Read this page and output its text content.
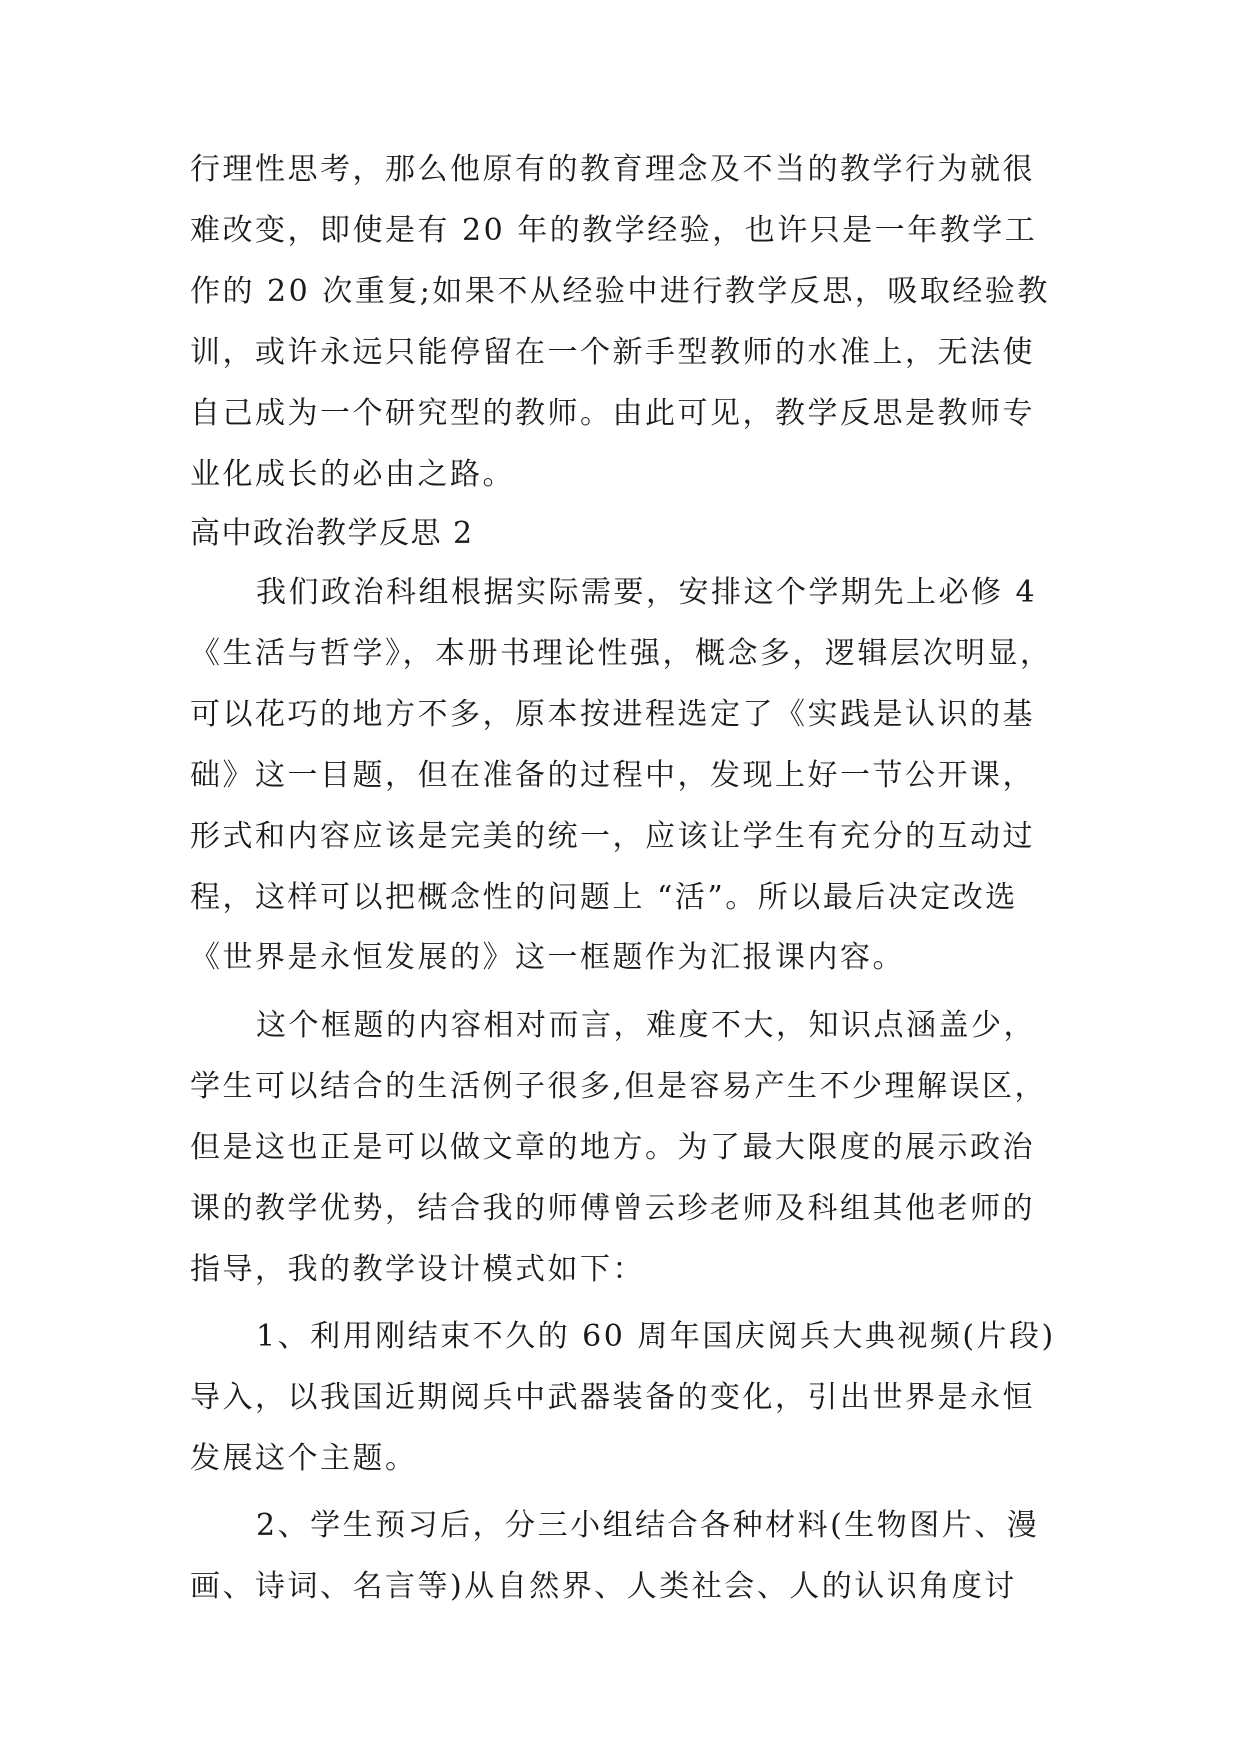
行理性思考，那么他原有的教育理念及不当的教学行为就很
难改变，即使是有 20 年的教学经验，也许只是一年教学工
作的 20 次重复;如果不从经验中进行教学反思，吸取经验教
训，或许永远只能停留在一个新手型教师的水准上，无法使
自己成为一个研究型的教师。由此可见，教学反思是教师专
业化成长的必由之路。
高中政治教学反思 2
我们政治科组根据实际需要，安排这个学期先上必修 4
《生活与哲学》，本册书理论性强，概念多，逻辑层次明显，
可以花巧的地方不多，原本按进程选定了《实践是认识的基
础》这一目题，但在准备的过程中，发现上好一节公开课，
形式和内容应该是完美的统一，应该让学生有充分的互动过
程，这样可以把概念性的问题上 “活”。所以最后决定改选
《世界是永恒发展的》这一框题作为汇报课内容。
这个框题的内容相对而言，难度不大，知识点涵盖少，
学生可以结合的生活例子很多,但是容易产生不少理解误区，
但是这也正是可以做文章的地方。为了最大限度的展示政治
课的教学优势，结合我的师傅曾云珍老师及科组其他老师的
指导，我的教学设计模式如下：
1、利用刚结束不久的 60 周年国庆阅兵大典视频(片段)
导入，以我国近期阅兵中武器装备的变化，引出世界是永恒
发展这个主题。
2、学生预习后，分三小组结合各种材料(生物图片、漫
画、诗词、名言等)从自然界、人类社会、人的认识角度讨
